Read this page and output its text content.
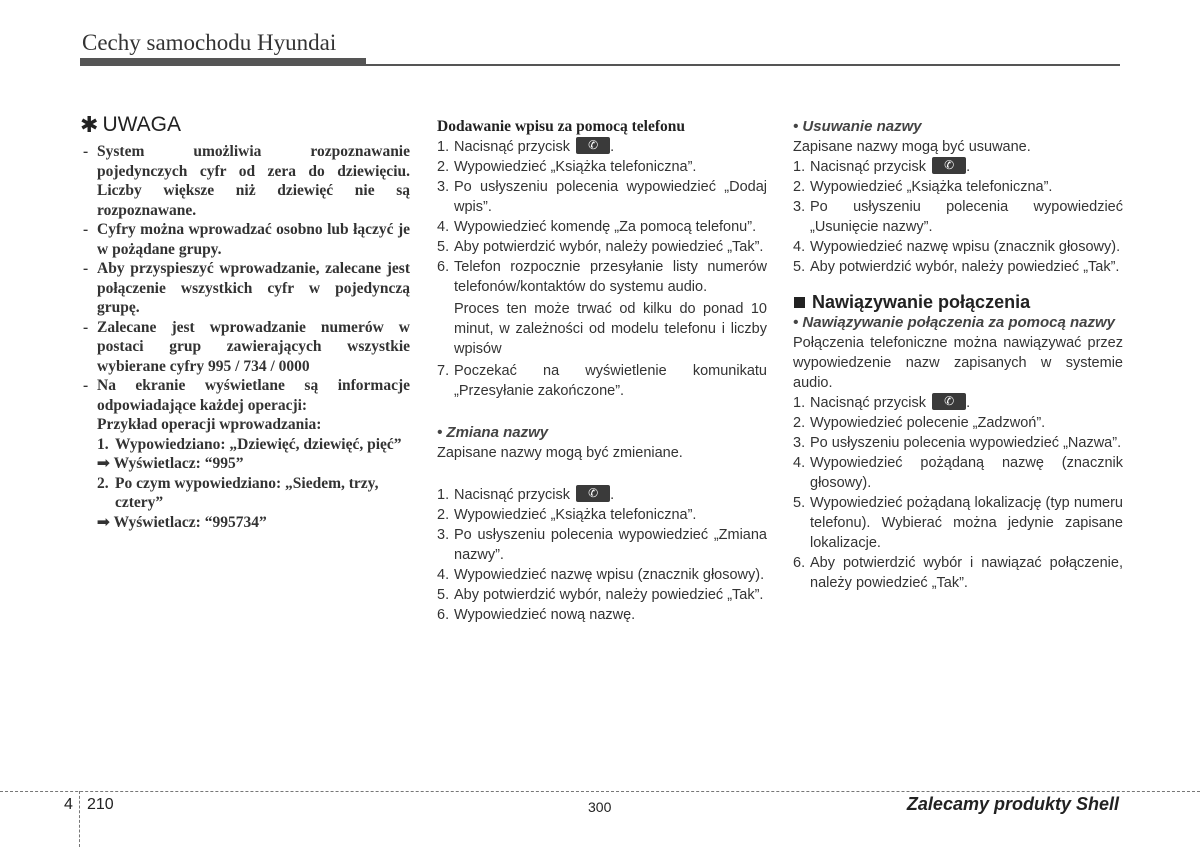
Cechy samochodu Hyundai
✱ UWAGA
- System umożliwia rozpoznawanie pojedynczych cyfr od zera do dziewięciu. Liczby większe niż dziewięć nie są rozpoznawane.
- Cyfry można wprowadzać osobno lub łączyć je w pożądane grupy.
- Aby przyspieszyć wprowadzanie, zalecane jest połączenie wszystkich cyfr w pojedynczą grupę.
- Zalecane jest wprowadzanie numerów w postaci grup zawierających wszystkie wybierane cyfry 995 / 734 / 0000
- Na ekranie wyświetlane są informacje odpowiadające każdej operacji:
Przykład operacji wprowadzania:
1. Wypowiedziano: „Dziewięć, dziewięć, pięć”
➟ Wyświetlacz: “995”
2. Po czym wypowiedziano: „Siedem, trzy, cztery”
➟ Wyświetlacz: “995734”
Dodawanie wpisu za pomocą telefonu
1. Nacisnąć przycisk ✆	.
2. Wypowiedzieć „Książka telefoniczna”.
3. Po usłyszeniu polecenia wypowiedzieć „Dodaj wpis”.
4. Wypowiedzieć komendę „Za pomocą telefonu”.
5. Aby potwierdzić wybór, należy powiedzieć „Tak”.
6. Telefon rozpocznie przesyłanie listy numerów telefonów/kontaktów do systemu audio.
Proces ten może trwać od kilku do ponad 10 minut, w zależności od modelu telefonu i liczby wpisów
7. Poczekać na wyświetlenie komunikatu „Przesyłanie zakończone”.
• Zmiana nazwy
Zapisane nazwy mogą być zmieniane.
1. Nacisnąć przycisk ✆	.
2. Wypowiedzieć „Książka telefoniczna”.
3. Po usłyszeniu polecenia wypowiedzieć „Zmiana nazwy”.
4. Wypowiedzieć nazwę wpisu (znacznik głosowy).
5. Aby potwierdzić wybór, należy powiedzieć „Tak”.
6. Wypowiedzieć nową nazwę.
• Usuwanie nazwy
Zapisane nazwy mogą być usuwane.
1. Nacisnąć przycisk ✆	.
2. Wypowiedzieć „Książka telefoniczna”.
3. Po usłyszeniu polecenia wypowiedzieć „Usunięcie nazwy”.
4. Wypowiedzieć nazwę wpisu (znacznik głosowy).
5. Aby potwierdzić wybór, należy powiedzieć „Tak”.
Nawiązywanie połączenia
• Nawiązywanie połączenia za pomocą nazwy
Połączenia telefoniczne można nawiązywać przez wypowiedzenie nazw zapisanych w systemie audio.
1. Nacisnąć przycisk ✆	.
2. Wypowiedzieć polecenie „Zadzwoń”.
3. Po usłyszeniu polecenia wypowiedzieć „Nazwa”.
4. Wypowiedzieć pożądaną nazwę (znacznik głosowy).
5. Wypowiedzieć pożądaną lokalizację (typ numeru telefonu). Wybierać można jedynie zapisane lokalizacje.
6. Aby potwierdzić wybór i nawiązać połączenie, należy powiedzieć „Tak”.
4 210	300	Zalecamy produkty Shell
